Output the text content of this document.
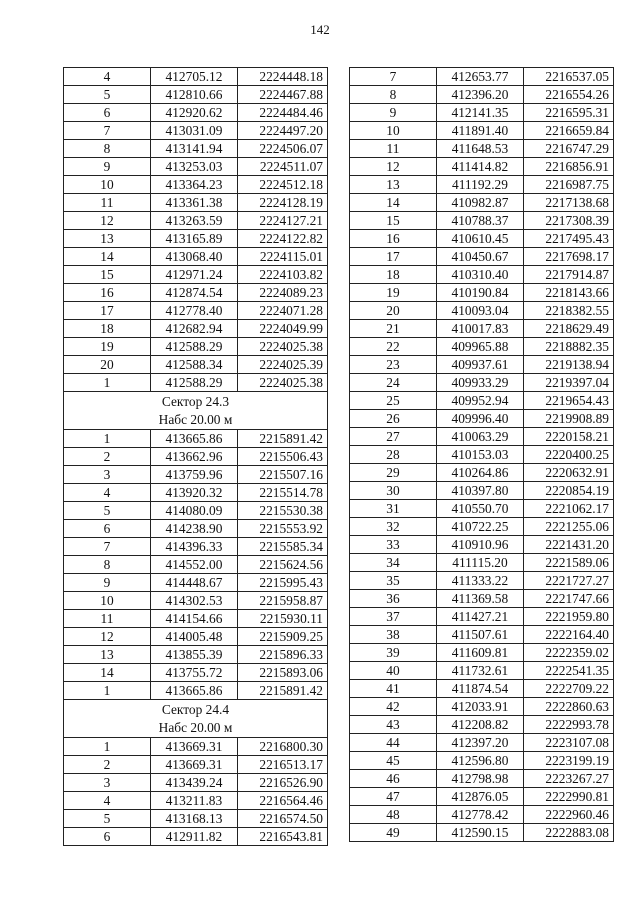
142
4	412705.12	2224448.18
5	412810.66	2224467.88
6	412920.62	2224484.46
7	413031.09	2224497.20
8	413141.94	2224506.07
9	413253.03	2224511.07
10	413364.23	2224512.18
11	413361.38	2224128.19
12	413263.59	2224127.21
13	413165.89	2224122.82
14	413068.40	2224115.01
15	412971.24	2224103.82
16	412874.54	2224089.23
17	412778.40	2224071.28
18	412682.94	2224049.99
19	412588.29	2224025.38
20	412588.34	2224025.39
1	412588.29	2224025.38

Сектор 24.3
Набс 20.00 м		

1	413665.86	2215891.42
2	413662.96	2215506.43
3	413759.96	2215507.16
4	413920.32	2215514.78
5	414080.09	2215530.38
6	414238.90	2215553.92
7	414396.33	2215585.34
8	414552.00	2215624.56
9	414448.67	2215995.43
10	414302.53	2215958.87
11	414154.66	2215930.11
12	414005.48	2215909.25
13	413855.39	2215896.33
14	413755.72	2215893.06
1	413665.86	2215891.42

Сектор 24.4
Набс 20.00 м		

1	413669.31	2216800.30
2	413669.31	2216513.17
3	413439.24	2216526.90
4	413211.83	2216564.46
5	413168.13	2216574.50
6	412911.82	2216543.81
7	412653.77	2216537.05
8	412396.20	2216554.26
9	412141.35	2216595.31
10	411891.40	2216659.84
11	411648.53	2216747.29
12	411414.82	2216856.91
13	411192.29	2216987.75
14	410982.87	2217138.68
15	410788.37	2217308.39
16	410610.45	2217495.43
17	410450.67	2217698.17
18	410310.40	2217914.87
19	410190.84	2218143.66
20	410093.04	2218382.55
21	410017.83	2218629.49
22	409965.88	2218882.35
23	409937.61	2219138.94
24	409933.29	2219397.04
25	409952.94	2219654.43
26	409996.40	2219908.89
27	410063.29	2220158.21
28	410153.03	2220400.25
29	410264.86	2220632.91
30	410397.80	2220854.19
31	410550.70	2221062.17
32	410722.25	2221255.06
33	410910.96	2221431.20
34	411115.20	2221589.06
35	411333.22	2221727.27
36	411369.58	2221747.66
37	411427.21	2221959.80
38	411507.61	2222164.40
39	411609.81	2222359.02
40	411732.61	2222541.35
41	411874.54	2222709.22
42	412033.91	2222860.63
43	412208.82	2222993.78
44	412397.20	2223107.08
45	412596.80	2223199.19
46	412798.98	2223267.27
47	412876.05	2222990.81
48	412778.42	2222960.46
49	412590.15	2222883.08
